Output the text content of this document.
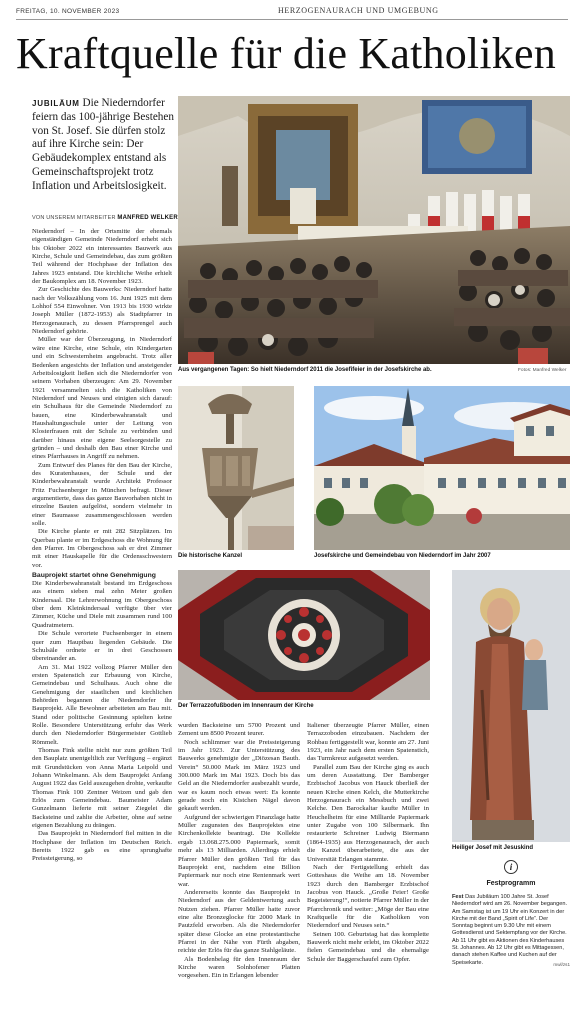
FREITAG, 10. NOVEMBER 2023	HERZOGENAURACH UND UMGEBUNG
Kraftquelle für die Katholiken
JUBILÄUM Die Niederndorfer feiern das 100-jährige Bestehen von St. Josef. Sie dürfen stolz auf ihre Kirche sein: Der Gebäudekomplex entstand als Gemeinschaftsprojekt trotz Inflation und Arbeitslosigkeit.
VON UNSEREM MITARBEITER MANFRED WELKER

Niederndorf – In der Ortsmitte der ehemals eigenständigen Gemeinde Niederndorf erhebt sich bis Oktober 2022 ein interessantes Bauwerk aus Kirche, Schule und Gemeindebau, das zum größten Teil während der Hochphase der Inflation des Jahres 1923 entstand. Die kirchliche Weihe erhielt der Baukomplex am 18. November 1923.

Zur Geschichte des Bauwerks: Niederndorf hatte nach der Volkszählung vom 16. Juni 1925 mit dem Lohhof 554 Einwohner. Von 1913 bis 1930 wirkte Joseph Müller (1872-1953) als Stadtpfarrer in Herzogenaurach, zu dessen Pfarrsprengel auch Niederndorf gehörte.

Müller war der Überzeugung, in Niederndorf wäre eine Kirche, eine Schule, ein Kindergarten und ein Schwesternheim angebracht. Trotz aller Bedenken angesichts der Inflation und ansteigender Arbeitslosigkeit ließen sich die Niederndorfer von seinem Vorhaben überzeugen: Am 29. November 1921 versammelten sich die Katholiken von Niederndorf und Neuses und einigten sich darauf: ein Schulhaus für die Gemeinde Niederndorf zu bauen, eine Kinderbewahranstalt und Haushaltungsschule unter der Leitung von Klosterfrauen mit der Schule zu verbinden und darüber hinaus eine eigene Seelsorgestelle zu gründen – und deshalb den Bau einer Kirche und eines Pfarrhauses in Angriff zu nehmen.

Zum Entwurf des Planes für den Bau der Kirche, des Kuratenhauses, der Schule und der Kinderbewahranstalt wurde Architekt Professor Fritz Fuchsenberger in München befragt. Dieser argumentierte, dass das ganze Bauvorhaben nicht in einzelne Bauten aufgelöst, sondern vielmehr in einer Baumasse zusammengeschlossen werden solle.

Die Kirche plante er mit 282 Sitzplätzen. Im Querbau plante er im Erdgeschoss die Wohnung für den Pfarrer. Im Obergeschoss sah er drei Zimmer mit einer Hauskapelle für die Ordensschwestern vor.

Bauprojekt startet ohne Genehmigung

Die Kinderbewahranstalt bestand im Erdgeschoss aus einem sieben mal zehn Meter großen Kindersaal. Die Lehrerwohnung im Obergeschoss über dem Kleinkindersaal verfügte über vier Zimmer, Küche und Diele mit zusammen rund 100 Quadratmetern.

Die Schule verortete Fuchsenberger in einem quer zum Hauptbau liegenden Gebäude. Die Schulsäle ordnete er in drei Geschossen übereinander an.

Am 31. Mai 1922 vollzog Pfarrer Müller den ersten Spatenstich zur Erbauung von Kirche, Gemeindebau und Schulhaus. Auch ohne die Genehmigung der staatlichen und kirchlichen Behörden begannen die Niederndorfer ihr Bauprojekt. Alle Bewohner arbeiteten am Bau mit. Stand oder politische Gesinnung spielten keine Rolle. Besondere Unterstützung erfuhr das Werk durch den Niederndorfer Bürgermeister Gottlieb Römmelt.

Thomas Fink stellte nicht nur zum größten Teil den Bauplatz unentgeltlich zur Verfügung – ergänzt mit Grundstücken von Anna Maria Leipold und Johann Winkelmann. Als dem Bauprojekt Anfang August 1922 das Geld auszugehen drohte, verkaufte Thomas Fink 100 Zentner Weizen und gab den Erlös zum Gemeindebau. Baumeister Adam Gunzelmann lieferte mit seiner Ziegelei die Backsteine und zahlte die Arbeiter, ohne auf seine eigenen Bezahlung zu drängen.

Das Bauprojekt in Niederndorf fiel mitten in die Hochphase der Inflation im Deutschen Reich. Bereits 1922 gab es eine sprunghafte Preissteigerung, so

Aus vergangenen Tagen: So hielt Niederndorf 2011 die Josefifeier in der Josefskirche ab.	Fotos: Manfred Welker
Die historische Kanzel	Josefskirche und Gemeindebau von Niederndorf im Jahr 2007
Der Terrazzofußboden im Innenraum der Kirche
Heiliger Josef mit Jesuskind

wurden Backsteine um 5700 Prozent und Zement um 8500 Prozent teurer.

Noch schlimmer war die Preissteigerung im Jahr 1923. Zur Unterstützung des Bauwerks genehmigte der „Diözesan Bauth. Verein“ 50.000 Mark im März 1923 und 300.000 Mark im Mai 1923. Doch bis das Geld an die Niederndorfer ausbezahlt wurde, war es kaum noch etwas wert: Es konnte gerade noch ein Kistchen Nägel davon gekauft werden.

Aufgrund der schwierigen Finanzlage hatte Müller zugunsten des Bauprojektes eine Kirchenkollekte beantragt. Die Kollekte ergab 13.068.275.000 Papiermark, somit mehr als 13 Milliarden. Allerdings erhielt Pfarrer Müller den größten Teil für das Bauprojekt erst, nachdem eine Billion Papiermark nur noch eine Rentenmark wert war.

Andererseits konnte das Bauprojekt in Niederndorf aus der Geldentwertung auch Nutzen ziehen. Pfarrer Müller hatte zuvor eine alte Bronzeglocke für 2000 Mark in Pautzfeld erworben. Als die Niederndorfer später diese Glocke an eine protestantische Pfarrei in der Nähe von Fürth abgaben, reichte der Erlös für das ganze Stahlgeläute.

Als Bodenbelag für den Innenraum der Kirche waren Solnhofener Platten vorgesehen. Ein in Erlangen lebender

Italiener überzeugte Pfarrer Müller, einen Terrazzoboden einzubauen. Nachdem der Rohbau fertiggestellt war, konnte am 27. Juni 1923, ein Jahr nach dem ersten Spatenstich, das Turmkreuz aufgesetzt werden.

Parallel zum Bau der Kirche ging es auch um deren Ausstattung. Der Bamberger Erzbischof Jacobus von Hauck überließ der neuen Kirche einen Kelch, die Mutterkirche Herzogenaurach ein Messbuch und zwei Kelche. Den Barockaltar kaufte Müller in Heuchelheim für eine Milliarde Papiermark unter Zugabe von 100 Silbermark. Ihn restaurierte Schreiner Ludwig Biermann (1864-1935) aus Herzogenaurach, der auch die Kanzel überarbeitete, die aus der Universität Erlangen stammte.

Nach der Fertigstellung erhielt das Gotteshaus die Weihe am 18. November 1923 durch den Bamberger Erzbischof Jacobus von Hauck. „Große Feier! Große Begeisterung!“, notierte Pfarrer Müller in der Pfarrchronik und weiter: „Möge der Bau eine Kraftquelle für die Katholiken von Niederndorf und Neuses sein.“

Seinen 100. Geburtstag hat das komplette Bauwerk nicht mehr erlebt, im Oktober 2022 fielen Gemeindebau und die ehemalige Schule der Baggerschaufel zum Opfer.

i
Festprogramm
Fest Das Jubiläum 100 Jahre St. Josef Niederndorf wird am 26. November begangen. Am Samstag ist um 19 Uhr ein Konzert in der Kirche mit der Band „Spirit of Life“. Der Sonntag beginnt um 9.30 Uhr mit einem Gottesdienst und Sektempfang vor der Kirche. Ab 11 Uhr gibt es Aktionen des Kinderhauses St. Johannes. Ab 12 Uhr gibt es Mittagessen, danach stehen Kaffee und Kuchen auf der Speisekarte.	mwl/zs1
